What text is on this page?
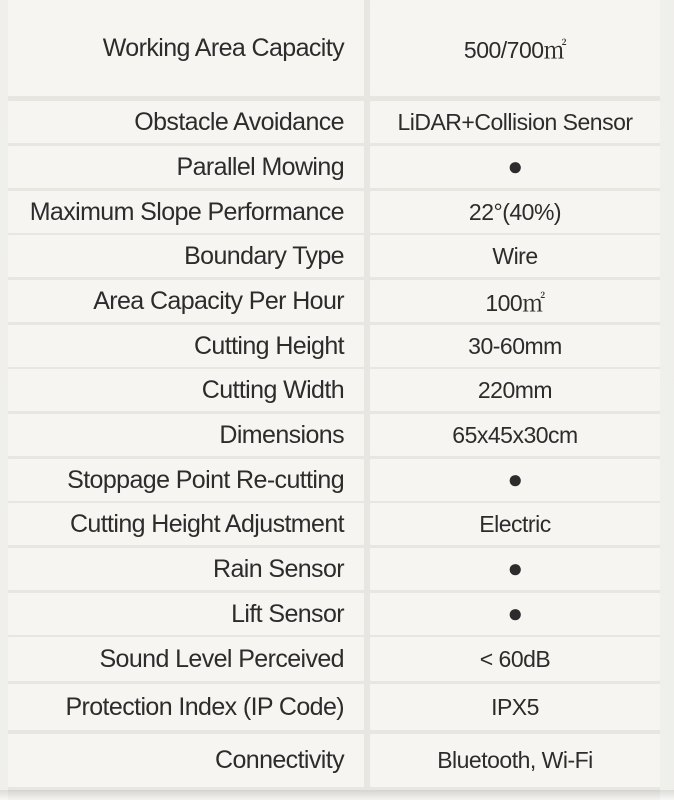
Working Area Capacity	500/700㎡
Obstacle Avoidance	LiDAR+Collision Sensor
Parallel Mowing	●
Maximum Slope Performance	22°(40%)
Boundary Type	Wire
Area Capacity Per Hour	100㎡
Cutting Height	30-60mm
Cutting Width	220mm
Dimensions	65x45x30cm
Stoppage Point Re-cutting	●
Cutting Height Adjustment	Electric
Rain Sensor	●
Lift Sensor	●
Sound Level Perceived	< 60dB
Protection Index (IP Code)	IPX5
Connectivity	Bluetooth, Wi-Fi
